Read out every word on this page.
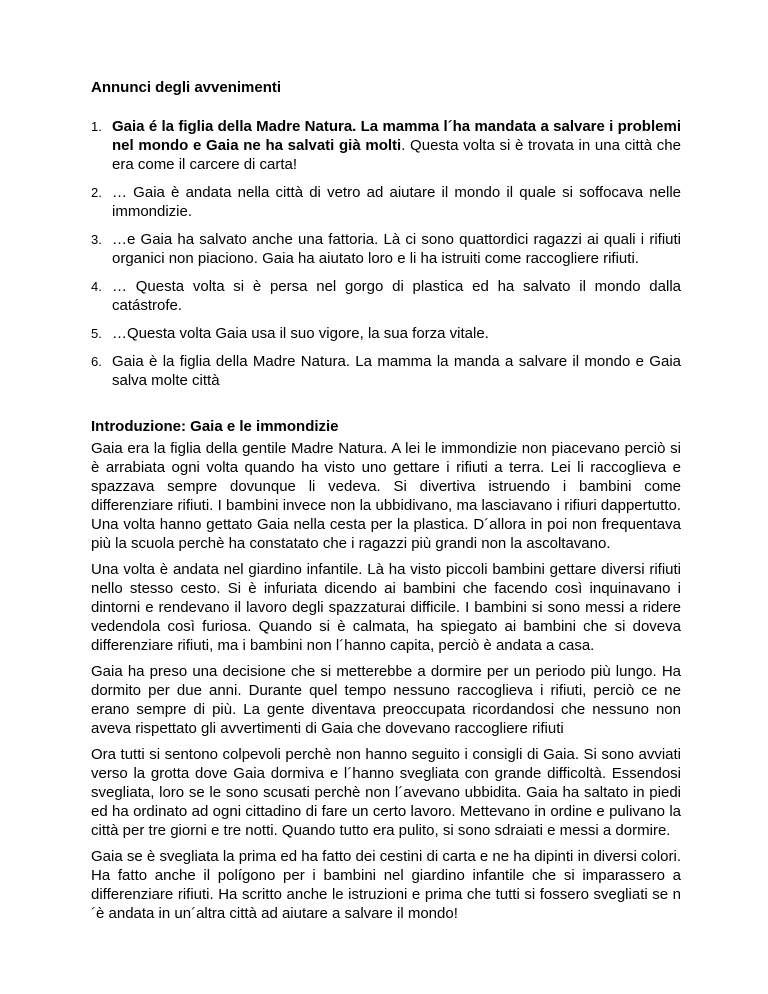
Annunci degli avvenimenti

1. Gaia é la figlia della Madre Natura. La mamma l´ha mandata a salvare i problemi nel mondo e Gaia ne ha salvati già molti. Questa volta si è trovata in una città che era come il carcere di carta!
2. … Gaia è andata nella città di vetro ad aiutare il mondo il quale si soffocava nelle immondizie.
3. …e Gaia ha salvato anche una fattoria. Là ci sono quattordici ragazzi ai quali i rifiuti organici non piaciono. Gaia ha aiutato loro e li ha istruiti come raccogliere rifiuti.
4. … Questa volta si è persa nel gorgo di plastica ed ha salvato il mondo dalla catástrofe.
5. …Questa volta Gaia usa il suo vigore, la sua forza vitale.
6. Gaia è la figlia della Madre Natura. La mamma la manda a salvare il mondo e Gaia salva molte città

Introduzione: Gaia e le immondizie

Gaia era la figlia della gentile Madre Natura. A lei le immondizie non piacevano perciò si è arrabiata ogni volta quando ha visto uno gettare i rifiuti a terra. Lei li raccoglieva e spazzava sempre dovunque li vedeva. Si divertiva istruendo i bambini come differenziare rifiuti. I bambini invece non la ubbidivano, ma lasciavano i rifiuri dappertutto. Una volta hanno gettato Gaia nella cesta per la plastica. D´allora in poi non frequentava più la scuola perchè ha constatato che i ragazzi più grandi non la ascoltavano.

Una volta è andata nel giardino infantile. Là ha visto piccoli bambini gettare diversi rifiuti nello stesso cesto. Si è infuriata dicendo ai bambini che facendo così inquinavano i dintorni e rendevano il lavoro degli spazzaturai difficile. I bambini si sono messi a ridere vedendola così furiosa. Quando si è calmata, ha spiegato ai bambini che si doveva differenziare rifiuti, ma i bambini non l´hanno capita, perciò è andata a casa.

Gaia ha preso una decisione che si metterebbe a dormire per un periodo più lungo. Ha dormito per due anni. Durante quel tempo nessuno raccoglieva i rifiuti, perciò ce ne erano sempre di più. La gente diventava preoccupata ricordandosi che nessuno non aveva rispettato gli avvertimenti di Gaia che dovevano raccogliere rifiuti

Ora tutti si sentono colpevoli perchè non hanno seguito i consigli di Gaia. Si sono avviati verso la grotta dove Gaia dormiva e l´hanno svegliata con grande difficoltà. Essendosi svegliata, loro se le sono scusati perchè non l´avevano ubbidita. Gaia ha saltato in piedi ed ha ordinato ad ogni cittadino di fare un certo lavoro. Mettevano in ordine e pulivano la città per tre giorni e tre notti. Quando tutto era pulito, si sono sdraiati e messi a dormire.

Gaia se è svegliata la prima ed ha fatto dei cestini di carta e ne ha dipinti in diversi colori. Ha fatto anche il polígono per i bambini nel giardino infantile che si imparassero a differenziare rifiuti. Ha scritto anche le istruzioni e prima che tutti si fossero svegliati se n´è andata in un´altra città ad aiutare a salvare il mondo!
